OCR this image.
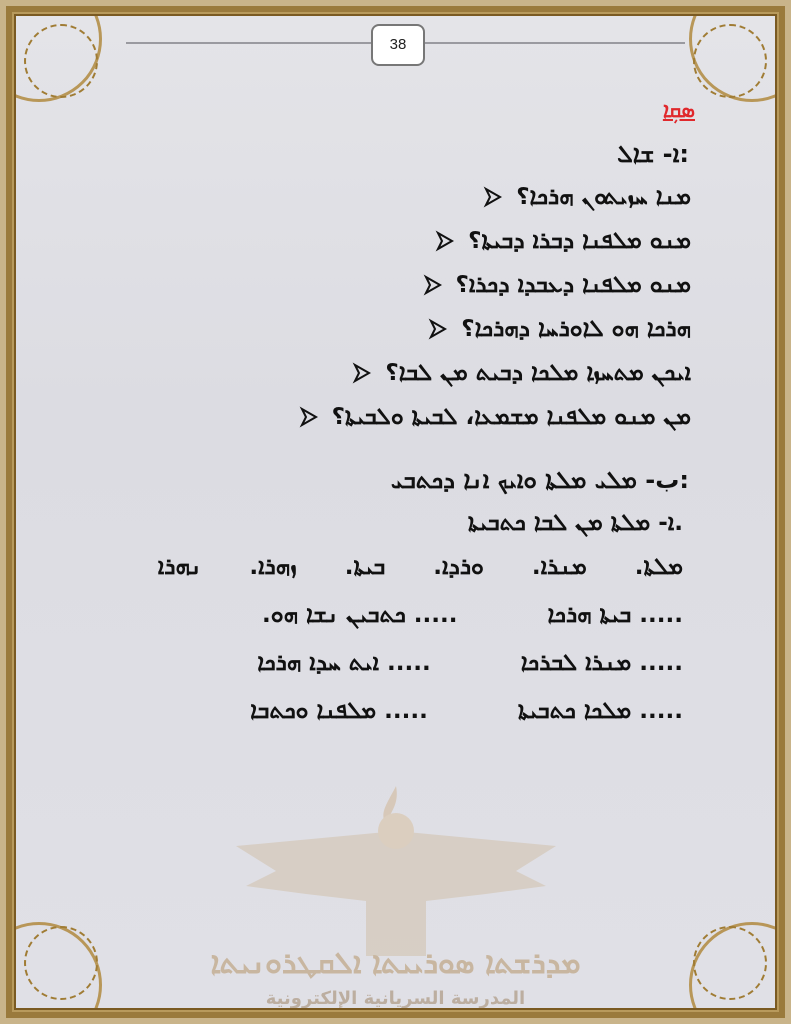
38
ܡܕܪܫܬܐ ܣܘܪܝܝܬܐ ܐܠܩܛܪܘܢܝܬܐ
المدرسة السريانية الإلكترونية
ܣܩܼܐ
ܐ- ܫܐܠ:
ܡܢܐ ܚܙܝܬܘܢ ܗܪܟܐ؟
ܡܢܘ ܡܠܦܢܐ ܕܒܪܐ ܕܒܝܬܐ؟
ܡܢܘ ܡܠܦܢܐ ܕܥܒܕܐ ܕܟܪܐ؟
ܗܪܟܐ ܗܘ ܠܐܘܪܚܐ ܕܗܪܟܐ؟
ܐܝܟܢ ܡܬܚܙܐ ܡܠܟܐ ܕܒܝܬ ܡܢ ܠܒܐ؟
ܡܢ ܡܢܘ ܡܠܦܢܐ ܡܫܡܥܐ، ܠܒܝܬܐ ܘܠܒܝܬܐ؟
ب- ܡܠܝ ܡܠܬܐ ܘܐܝܟ ܐܢܐ ܕܟܬܒܝ:
ܐ- ܡܠܬܐ ܡܢ ܠܒܐ ܟܬܒܝܬܐ.
ܡܠܬܐ.
ܡܢܪܐ.
ܘܪܕܐ.
ܒܝܬܐ.
ܙܗܪܐ.
ܢܗܪܐ
..... ܒܝܬܐ ܗܪܟܐ
..... ܟܬܒܝܢ ܢܫܐ ܗܘ.
..... ܡܢܪܐ ܠܒܪܟܐ
..... ܐܝܬ ܚܕܐ ܗܪܟܐ
..... ܡܠܟܐ ܟܬܒܝܬܐ
..... ܡܠܦܢܐ ܘܟܬܒܐ
